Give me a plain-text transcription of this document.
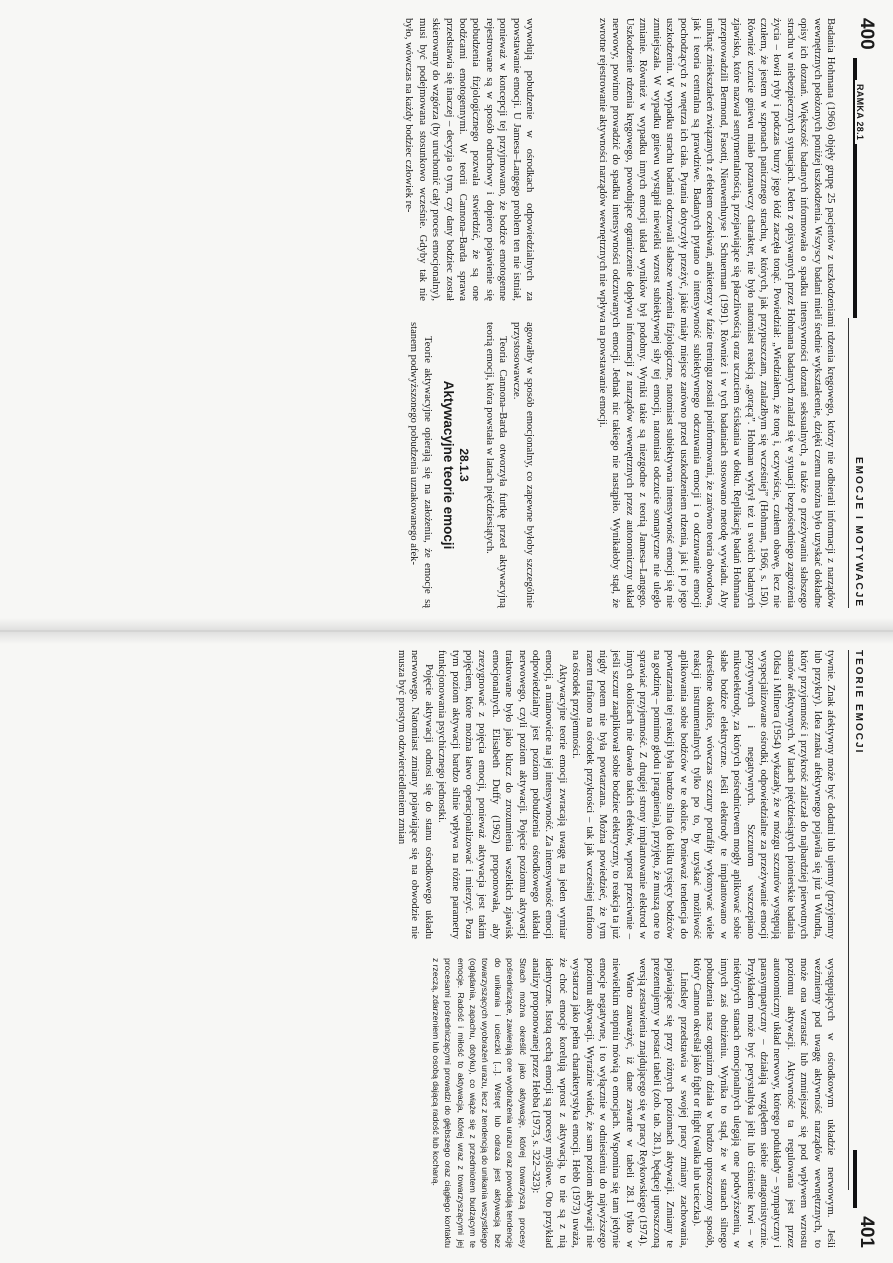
400
RAMKA 28.1
EMOCJE I MOTYWACJE

Badania Hohmana (1966) objęły grupę 25 pacjentów z uszkodzeniami rdzenia kręgowego, którzy nie odbierali informacji z narządów wewnętrznych położonych poniżej uszkodzenia. Wszyscy badani mieli średnie wykształcenie, dzięki czemu można było uzyskać dokładne opisy ich doznań. Większość badanych informowała o spadku intensywności doznań seksualnych, a także o przeżywaniu słabszego strachu w niebezpiecznych sytuacjach. Jeden z opisywanych przez Hohmana badanych znalazł się w sytuacji bezpośredniego zagrożenia życia – łowił ryby i podczas burzy jego łódź zaczęła tonąć. Powiedział: „Wiedziałem, że tonę i, oczywiście, czułem obawę, lecz nie czułem, że jestem w szponach panicznego strachu, w których, jak przypuszczam, znalazłbym się wcześniej” (Hohman, 1966, s. 150). Również uczucie gniewu miało poznawczy charakter, nie było natomiast reakcją „gorącą”. Hohman wykrył też u swoich badanych zjawisko, które nazwał sentymentalnością, przejawiające się płaczliwością oraz uczuciem ściskania w dołku. Replikację badań Hohmana przeprowadzili Bermond, Fasotti, Nieuwenhuyse i Schuerman (1991). Również i w tych badaniach stosowano metodę wywiadu. Aby uniknąć zniekształceń związanych z efektem oczekiwań, ankieterzy w fazie treningu zostali poinformowani, że zarówno teoria obwodowa, jak i teoria centralna są prawdziwe. Badanych pytano o intensywność subiektywnego odczuwania emocji i o odczuwanie emocji pochodzących z wnętrza ich ciała. Pytania dotyczyły przeżyć, jakie miały miejsce zarówno przed uszkodzeniem rdzenia, jak i po jego uszkodzeniu. W wypadku strachu badani odczuwali słabsze wrażenia fizjologiczne, natomiast subiektywna intensywność emocji się nie zmniejszała. W wypadku gniewu wystąpił niewielki wzrost subiektywnej siły tej emocji, natomiast odczucie somatyczne nie uległo zmianie. Również w wypadku innych emocji układ wyników był podobny. Wyniki takie są niezgodne z teorią Jamesa–Langego. Uszkodzenie rdzenia kręgowego, powodujące ograniczenie dopływu informacji z narządów wewnętrznych przez autonomiczny układ nerwowy, powinno prowadzić do spadku intensywności odczuwanych emocji. Jednak nic takiego nie nastąpiło. Wynikałoby stąd, że zwrotne rejestrowanie aktywności narządów wewnętrznych nie wpływa na powstawanie emocji.

wywołują pobudzenie w ośrodkach odpowiedzialnych za powstawanie emocji. U Jamesa–Langego problem ten nie istniał, ponieważ w koncepcji tej przyjmowano, że bodźce emotogenne rejestrowane są w sposób odruchowy i dopiero pojawienie się pobudzenia fizjologicznego pozwala stwierdzić, że są one bodźcami emotogennymi. W teorii Cannona–Barda sprawa przedstawia się inaczej – decyzja o tym, czy dany bodziec został skierowany do wzgórza (by uruchomić cały proces emocjonalny), musi być podejmowana stosunkowo wcześnie. Gdyby tak nie było, wówczas na każdy bodziec człowiek re-

agowałby w sposób emocjonalny, co zapewne byłoby szczególnie przystosowawcze.

Teoria Cannona–Barda otworzyła furtkę przed aktywacyjną teorią emocji, która powstała w latach pięćdziesiątych.

28.1.3
Aktywacyjne teorie emocji

Teorie aktywacyjne opierają się na założeniu, że emocje są stanem podwyższonego pobudzenia uznakowanego afek-

TEORIE EMOCJI
401

tywnie. Znak afektywny może być dodatni lub ujemny (przyjemny lub przykry). Idea znaku afektywnego pojawiła się już u Wundta, który przyjemność i przykrość zaliczał do najbardziej pierwotnych stanów afektywnych. W latach pięćdziesiątych pionierskie badania Oldsa i Milnera (1954) wykazały, że w mózgu szczurów występują wyspecjalizowane ośrodki, odpowiedzialne za przeżywanie emocji pozytywnych i negatywnych. Szczurom wszczepiano mikroelektrody, za których pośrednictwem mogły aplikować sobie słabe bodźce elektryczne. Jeśli elektrody te implantowano w określone okolice, wówczas szczury potrafiły wykonywać wiele reakcji instrumentalnych tylko po to, by uzyskać możliwość aplikowania sobie bodźców w te okolice. Ponieważ tendencja do powtarzania tej reakcji była bardzo silna (do kilku tysięcy bodźców na godzinę – pomimo głodu i pragnienia), przyjęto, że muszą one to sprawiać przyjemność. Z drugiej strony implantowanie elektrod w innych okolicach nie dawało takich efektów, wprost przeciwnie – jeśli szczur zaaplikował sobie bodziec elektryczny, to reakcja ta już nigdy potem nie była powtarzana. Można powiedzieć, że tym razem trafiono na ośrodek przykrości – tak jak wcześniej trafiono na ośrodek przyjemności.

Aktywacyjne teorie emocji zwracają uwagę na jeden wymiar emocji, a mianowicie na jej intensywność. Za intensywność emocji odpowiedzialny jest poziom pobudzenia ośrodkowego układu nerwowego, czyli poziom aktywacji. Pojęcie poziomu aktywacji traktowane było jako klucz do zrozumienia wszelkich zjawisk emocjonalnych. Elisabeth Duffy (1962) proponowała, aby zrezygnować z pojęcia emocji, ponieważ aktywacja jest takim pojęciem, które można łatwo operacjonalizować i mierzyć. Poza tym poziom aktywacji bardzo silnie wpływa na różne parametry funkcjonowania psychicznego jednostki.

Pojęcie aktywacji odnosi się do stanu ośrodkowego układu nerwowego. Natomiast zmiany pojawiające się na obwodzie nie musza być prostym odzwierciedleniem zmian

występujących w ośrodkowym układzie nerwowym. Jeśli weźmiemy pod uwagę aktywność narządów wewnętrznych, to może ona wzrastać lub zmniejszać się pod wpływem wzrostu poziomu aktywacji. Aktywność ta regulowana jest przez autonomiczny układ nerwowy, którego podukłady – sympatyczny i parasympatyczny – działają względem siebie antagonistycznie. Przykładem może być perystaltyka jelit lub ciśnienie krwi – w niektórych stanach emocjonalnych ulegają one podwyższeniu, w innych zaś obniżeniu. Wynika to stąd, że w stanach silnego pobudzenia nasz organizm działa w bardzo uproszczony sposób, który Cannon określał jako fight or flight (walka lub ucieczka).

Lindsley przedstawia w swojej pracy zmiany zachowania, pojawiające się przy różnych poziomach aktywacji. Zmiany te prezentujemy w postaci tabeli (zob. tab. 28.1), będącej uproszczoną wersją zestawienia znajdującego się w pracy Reykowskiego (1974).

Warto zauważyć, iż dane zawarte w tabeli 28.1 tylko w niewielkim stopniu mówią o emocjach. Wspomina się tam jedynie emocje negatywne, i to wyłącznie w odniesieniu do najwyższego poziomu aktywacji. Wyraźnie widać, że sam poziom aktywacji nie wystarcza jako pełna charakterystyka emocji. Hebb (1973) uważa, że choć emocje korelują wprost z aktywacją, to nie są z nią identyczne. Istotą cechą emocji są procesy myślowe. Oto przykład analizy proponowanej przez Hebba (1973, s. 322–323):

Strach można określić jako aktywację, której towarzyszą procesy pośredniczące, zawierają one wyobrażenia urazu oraz powodują tendencję do unikania i ucieczki [...]. Wstręt lub odraza jest aktywacją bez towarzyszących wyobrażeń urazu, lecz z tendencją do unikania wszystkiego (oglądania, zapachu, dotyku), co wiąże się z przedmiotem budzącym te emocje. Radość i miłość to aktywacja, której wraz z towarzyszącymi jej procesami pośredniczącymi prowadzi do głębszego oraz ciągłego kontaktu z rzeczą, zdarzeniem lub osobą dającą radość lub kochaną.
